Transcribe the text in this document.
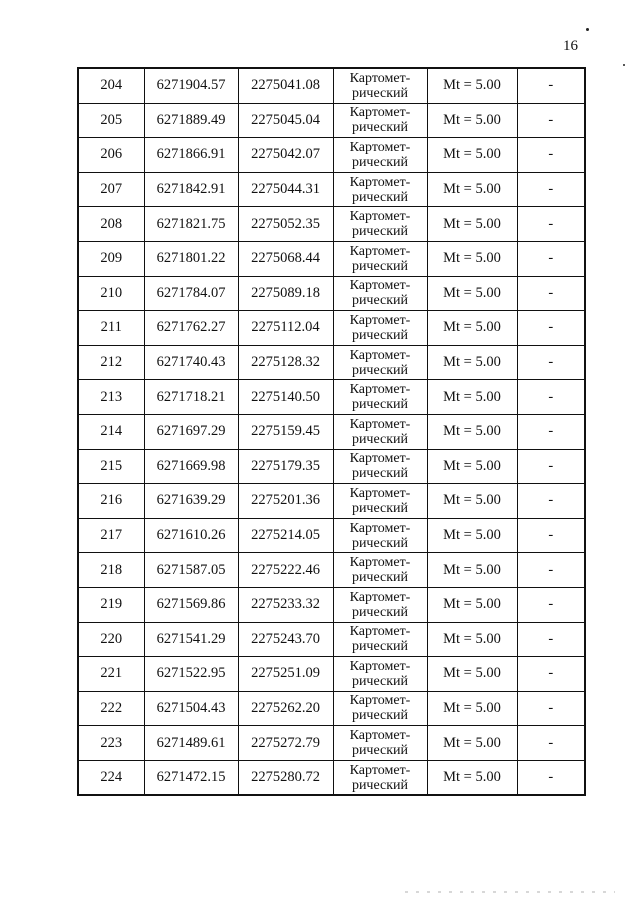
16
204	6271904.57	2275041.08	Картомет-
рический	Mt = 5.00	-
205	6271889.49	2275045.04	Картомет-
рический	Mt = 5.00	-
206	6271866.91	2275042.07	Картомет-
рический	Mt = 5.00	-
207	6271842.91	2275044.31	Картомет-
рический	Mt = 5.00	-
208	6271821.75	2275052.35	Картомет-
рический	Mt = 5.00	-
209	6271801.22	2275068.44	Картомет-
рический	Mt = 5.00	-
210	6271784.07	2275089.18	Картомет-
рический	Mt = 5.00	-
211	6271762.27	2275112.04	Картомет-
рический	Mt = 5.00	-
212	6271740.43	2275128.32	Картомет-
рический	Mt = 5.00	-
213	6271718.21	2275140.50	Картомет-
рический	Mt = 5.00	-
214	6271697.29	2275159.45	Картомет-
рический	Mt = 5.00	-
215	6271669.98	2275179.35	Картомет-
рический	Mt = 5.00	-
216	6271639.29	2275201.36	Картомет-
рический	Mt = 5.00	-
217	6271610.26	2275214.05	Картомет-
рический	Mt = 5.00	-
218	6271587.05	2275222.46	Картомет-
рический	Mt = 5.00	-
219	6271569.86	2275233.32	Картомет-
рический	Mt = 5.00	-
220	6271541.29	2275243.70	Картомет-
рический	Mt = 5.00	-
221	6271522.95	2275251.09	Картомет-
рический	Mt = 5.00	-
222	6271504.43	2275262.20	Картомет-
рический	Mt = 5.00	-
223	6271489.61	2275272.79	Картомет-
рический	Mt = 5.00	-
224	6271472.15	2275280.72	Картомет-
рический	Mt = 5.00	-
